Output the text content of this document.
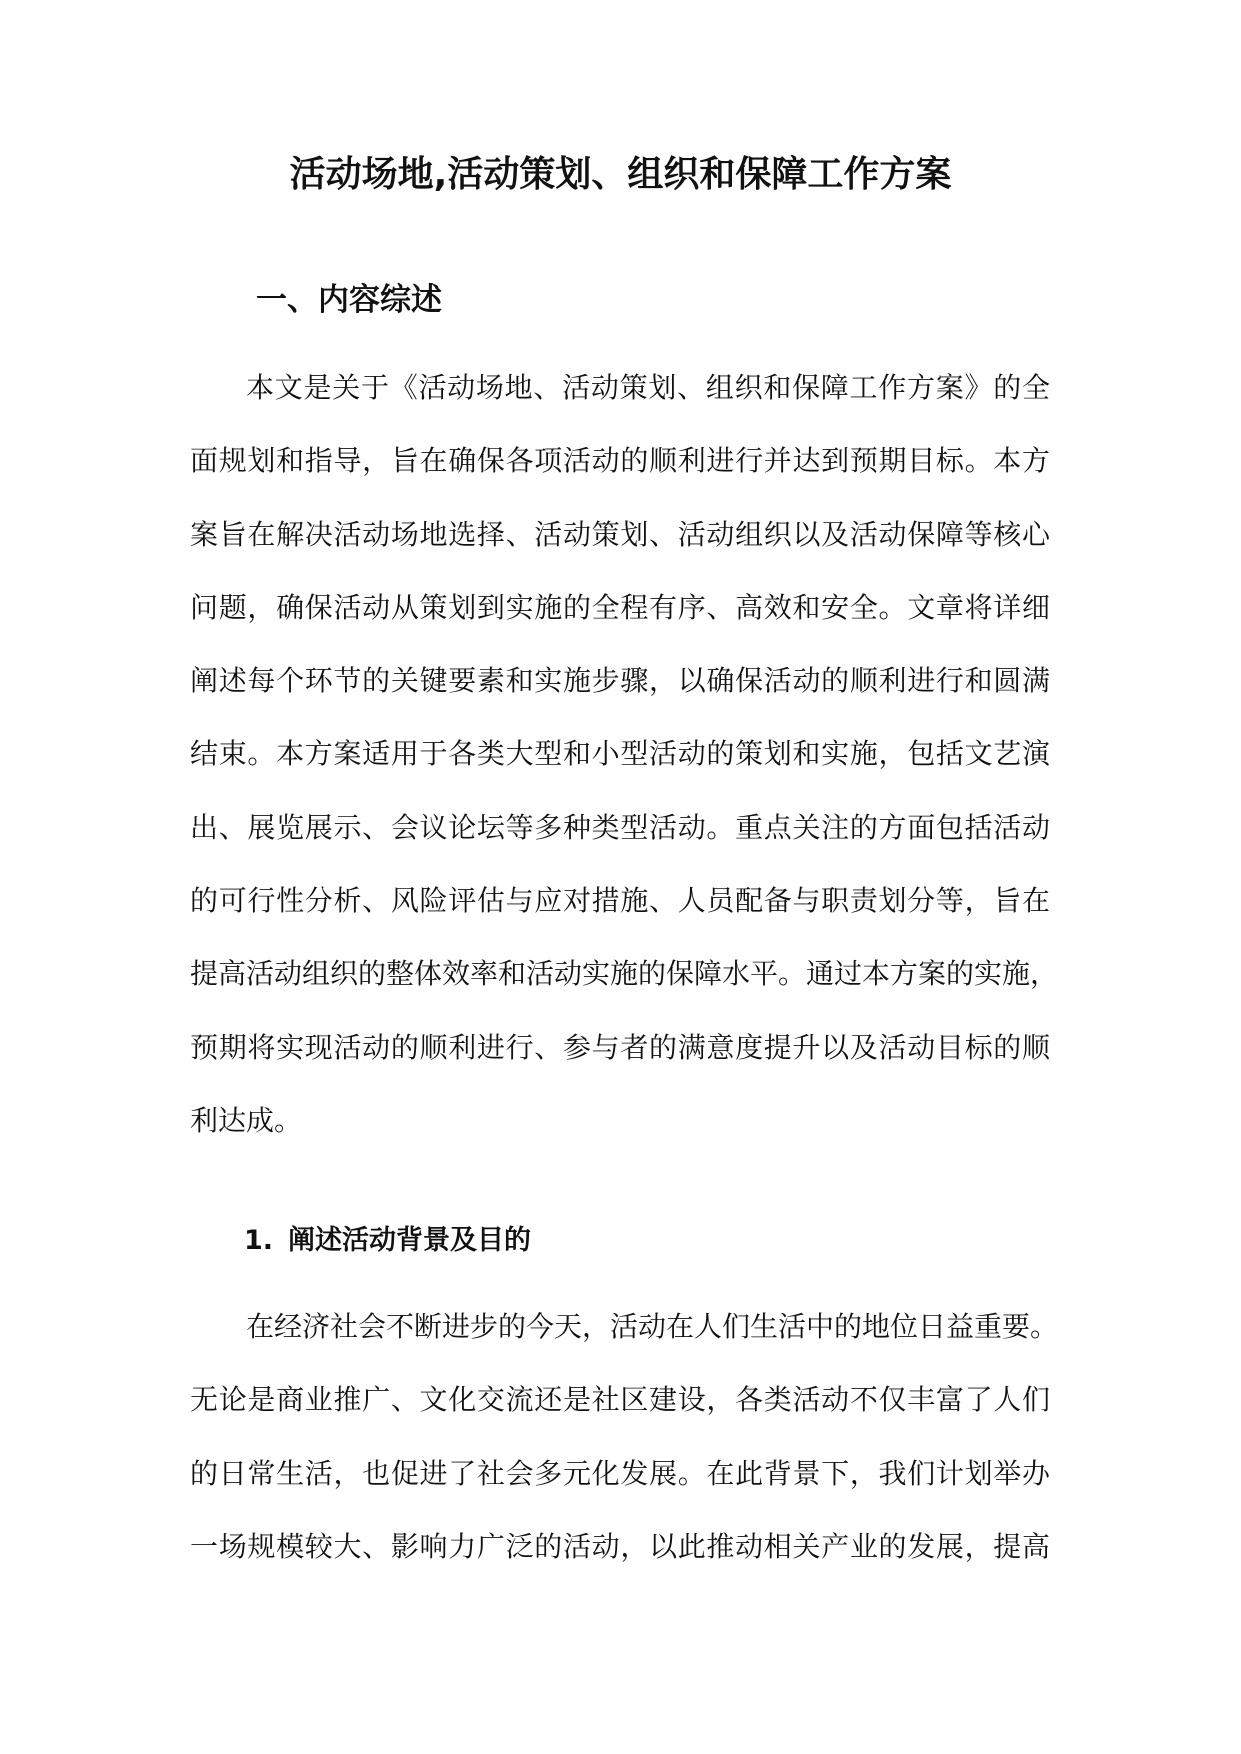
活动场地,活动策划、组织和保障工作方案
一、内容综述
本文是关于《活动场地、活动策划、组织和保障工作方案》的全
面规划和指导，旨在确保各项活动的顺利进行并达到预期目标。本方
案旨在解决活动场地选择、活动策划、活动组织以及活动保障等核心
问题，确保活动从策划到实施的全程有序、高效和安全。文章将详细
阐述每个环节的关键要素和实施步骤，以确保活动的顺利进行和圆满
结束。本方案适用于各类大型和小型活动的策划和实施，包括文艺演
出、展览展示、会议论坛等多种类型活动。重点关注的方面包括活动
的可行性分析、风险评估与应对措施、人员配备与职责划分等，旨在
提高活动组织的整体效率和活动实施的保障水平。通过本方案的实施，
预期将实现活动的顺利进行、参与者的满意度提升以及活动目标的顺
利达成。
1. 阐述活动背景及目的
在经济社会不断进步的今天，活动在人们生活中的地位日益重要。
无论是商业推广、文化交流还是社区建设，各类活动不仅丰富了人们
的日常生活，也促进了社会多元化发展。在此背景下，我们计划举办
一场规模较大、影响力广泛的活动，以此推动相关产业的发展，提高
